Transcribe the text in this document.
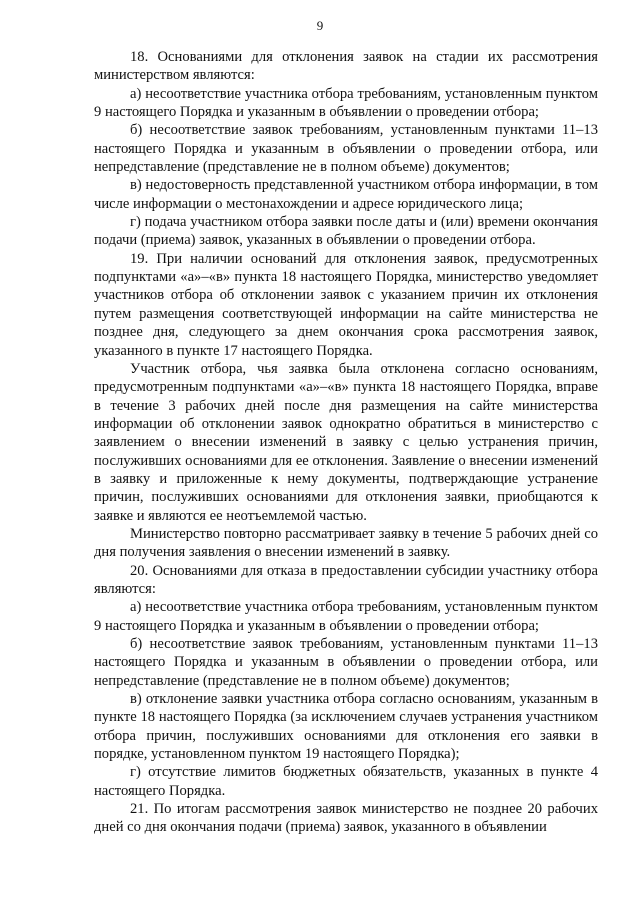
9

18. Основаниями для отклонения заявок на стадии их рассмотрения министерством являются:

а) несоответствие участника отбора требованиям, установленным пунктом 9 настоящего Порядка и указанным в объявлении о проведении отбора;

б) несоответствие заявок требованиям, установленным пунктами 11–13 настоящего Порядка и указанным в объявлении о проведении отбора, или непредставление (представление не в полном объеме) документов;

в) недостоверность представленной участником отбора информации, в том числе информации о местонахождении и адресе юридического лица;

г) подача участником отбора заявки после даты и (или) времени окончания подачи (приема) заявок, указанных в объявлении о проведении отбора.

19. При наличии оснований для отклонения заявок, предусмотренных подпунктами «а»–«в» пункта 18 настоящего Порядка, министерство уведомляет участников отбора об отклонении заявок с указанием причин их отклонения путем размещения соответствующей информации на сайте министерства не позднее дня, следующего за днем окончания срока рассмотрения заявок, указанного в пункте 17 настоящего Порядка.

Участник отбора, чья заявка была отклонена согласно основаниям, предусмотренным подпунктами «а»–«в» пункта 18 настоящего Порядка, вправе в течение 3 рабочих дней после дня размещения на сайте министерства информации об отклонении заявок однократно обратиться в министерство с заявлением о внесении изменений в заявку с целью устранения причин, послуживших основаниями для ее отклонения. Заявление о внесении изменений в заявку и приложенные к нему документы, подтверждающие устранение причин, послуживших основаниями для отклонения заявки, приобщаются к заявке и являются ее неотъемлемой частью.

Министерство повторно рассматривает заявку в течение 5 рабочих дней со дня получения заявления о внесении изменений в заявку.

20. Основаниями для отказа в предоставлении субсидии участнику отбора являются:

а) несоответствие участника отбора требованиям, установленным пунктом 9 настоящего Порядка и указанным в объявлении о проведении отбора;

б) несоответствие заявок требованиям, установленным пунктами 11–13 настоящего Порядка и указанным в объявлении о проведении отбора, или непредставление (представление не в полном объеме) документов;

в) отклонение заявки участника отбора согласно основаниям, указанным в пункте 18 настоящего Порядка (за исключением случаев устранения участником отбора причин, послуживших основаниями для отклонения его заявки в порядке, установленном пунктом 19 настоящего Порядка);

г) отсутствие лимитов бюджетных обязательств, указанных в пункте 4 настоящего Порядка.

21. По итогам рассмотрения заявок министерство не позднее 20 рабочих дней со дня окончания подачи (приема) заявок, указанного в объявлении
